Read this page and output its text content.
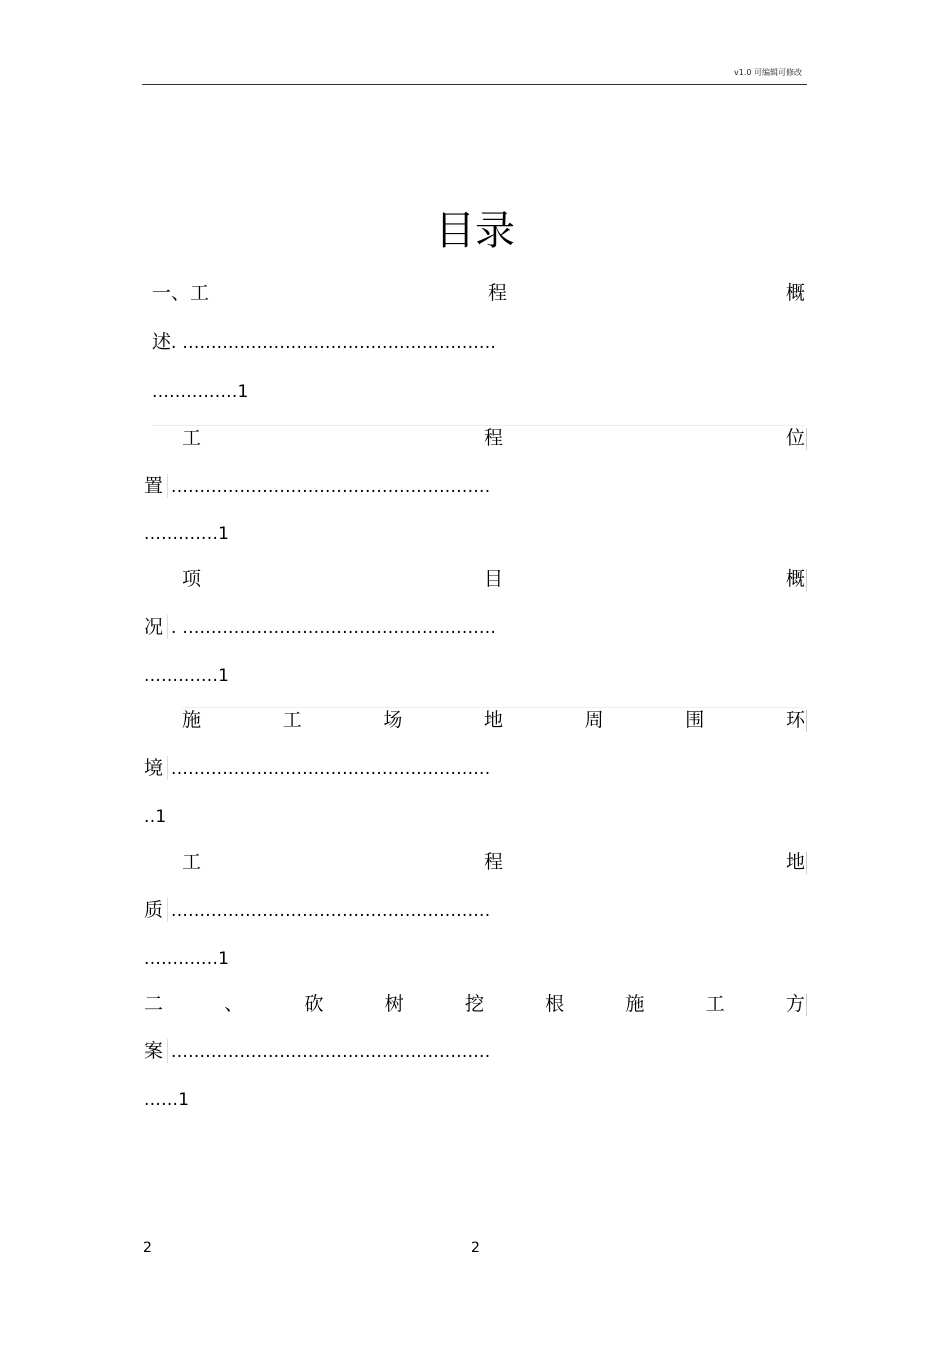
v1.0 可编辑可修改
目录
一、工	程	概
述. .......................................................
...............1
工	程	位
置 ........................................................
.............1
项	目	概
况 . .......................................................
.............1
施	工	场	地	周	围	环
境 ........................................................
..1
工	程	地
质 ........................................................
.............1
二	、	砍	树	挖	根	施	工	方
案 ........................................................
......1
2	2
